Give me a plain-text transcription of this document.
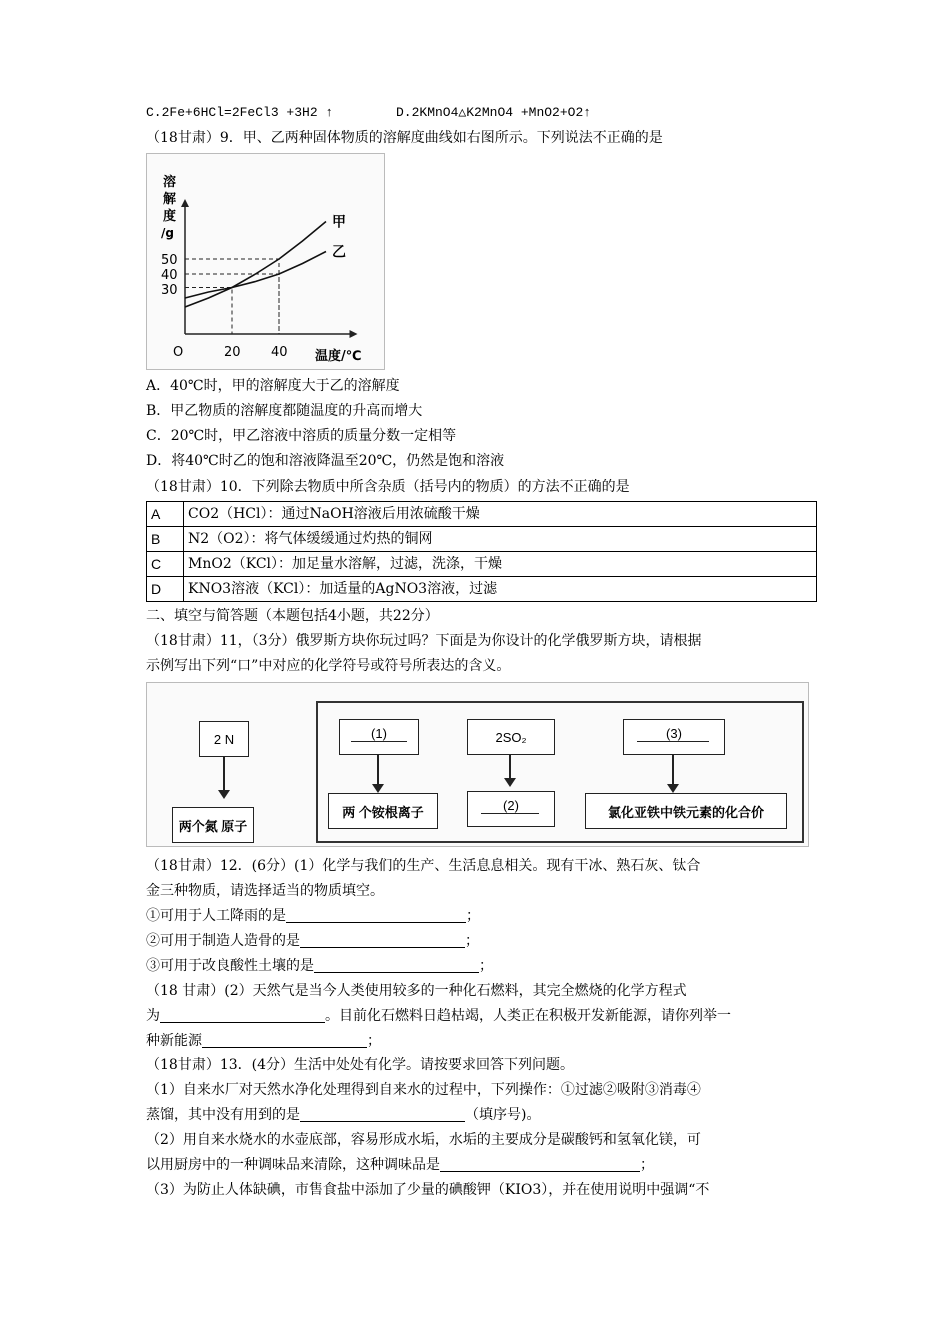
C.2Fe+6HCl=2FeCl3 +3H2 ↑	D.2KMnO4△K2MnO4 +MnO2+O2↑
（18甘肃）9．甲、乙两种固体物质的溶解度曲线如右图所示。下列说法不正确的是
溶
解
度
/g
温度/℃
O	20 40
30
40
50
甲
乙
A．40℃时，甲的溶解度大于乙的溶解度
B．甲乙物质的溶解度都随温度的升高而增大
C．20℃时，甲乙溶液中溶质的质量分数一定相等
D．将40℃时乙的饱和溶液降温至20℃，仍然是饱和溶液
（18甘肃）10．下列除去物质中所含杂质（括号内的物质）的方法不正确的是
A	CO2（HCl）：通过NaOH溶液后用浓硫酸干燥
B	N2（O2）：将气体缓缓通过灼热的铜网
C	MnO2（KCl）：加足量水溶解，过滤，洗涤，干燥
D	KNO3溶液（KCl）：加适量的AgNO3溶液，过滤
二、填空与简答题（本题包括4小题，共22分）
（18甘肃）11，（3分）俄罗斯方块你玩过吗？下面是为你设计的化学俄罗斯方块，请根据
示例写出下列“口”中对应的化学符号或符号所表达的含义。
2 N
两个氮 原子
(1)
两 个铵根离子
2SO₂
(2)
(3)
氯化亚铁中铁元素的化合价
（18甘肃）12．(6分）(1）化学与我们的生产、生活息息相关。现有干冰、熟石灰、钛合
金三种物质，请选择适当的物质填空。
①可用于人工降雨的是	；
②可用于制造人造骨的是	；
③可用于改良酸性土壤的是	；
（18 甘肃）(2）天然气是当今人类使用较多的一种化石燃料，其完全燃烧的化学方程式
为	。目前化石燃料日趋枯竭，人类正在积极开发新能源，请你列举一
种新能源	；
（18甘肃）13．(4分）生活中处处有化学。请按要求回答下列问题。
（1）自来水厂对天然水净化处理得到自来水的过程中，下列操作：①过滤②吸附③消毒④
蒸馏，其中没有用到的是	（填序号)。
（2）用自来水烧水的水壶底部，容易形成水垢，水垢的主要成分是碳酸钙和氢氧化镁，可
以用厨房中的一种调味品来清除，这种调味品是	；
（3）为防止人体缺碘，市售食盐中添加了少量的碘酸钾（KIO3），并在使用说明中强调“不
